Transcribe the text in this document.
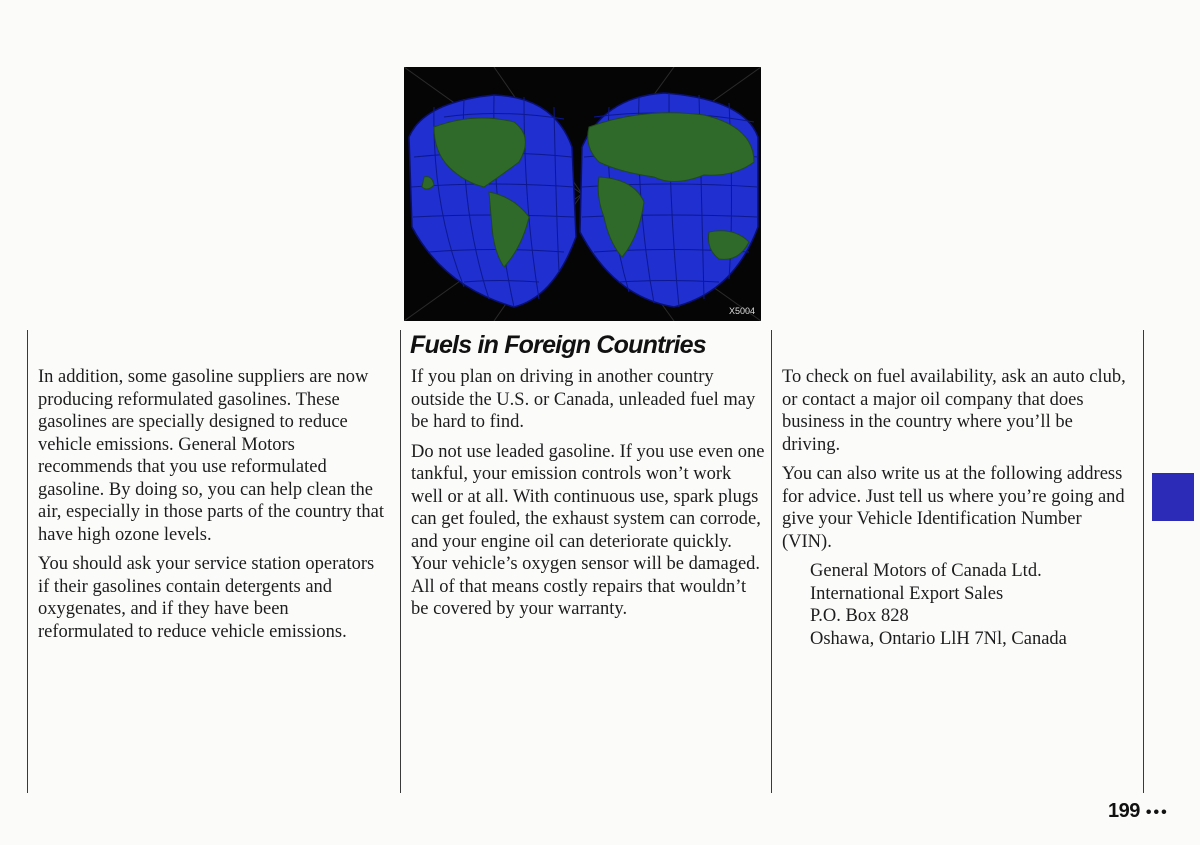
X5004
Fuels in Foreign Countries

In addition, some gasoline suppliers are now producing reformulated gasolines. These gasolines are specially designed to reduce vehicle emissions. General Motors recommends that you use reformulated gasoline. By doing so, you can help clean the air, especially in those parts of the country that have high ozone levels.

You should ask your service station operators if their gasolines contain detergents and oxygenates, and if they have been reformulated to reduce vehicle emissions.

If you plan on driving in another country outside the U.S. or Canada, unleaded fuel may be hard to find.

Do not use leaded gasoline. If you use even one tankful, your emission controls won’t work well or at all. With continuous use, spark plugs can get fouled, the exhaust system can corrode, and your engine oil can deteriorate quickly. Your vehicle’s oxygen sensor will be damaged. All of that means costly repairs that wouldn’t be covered by your warranty.

To check on fuel availability, ask an auto club, or contact a major oil company that does business in the country where you’ll be driving.

You can also write us at the following address for advice. Just tell us where you’re going and give your Vehicle Identification Number (VIN).

General Motors of Canada Ltd.
International Export Sales
P.O. Box 828
Oshawa, Ontario LlH 7Nl, Canada
199 •••
